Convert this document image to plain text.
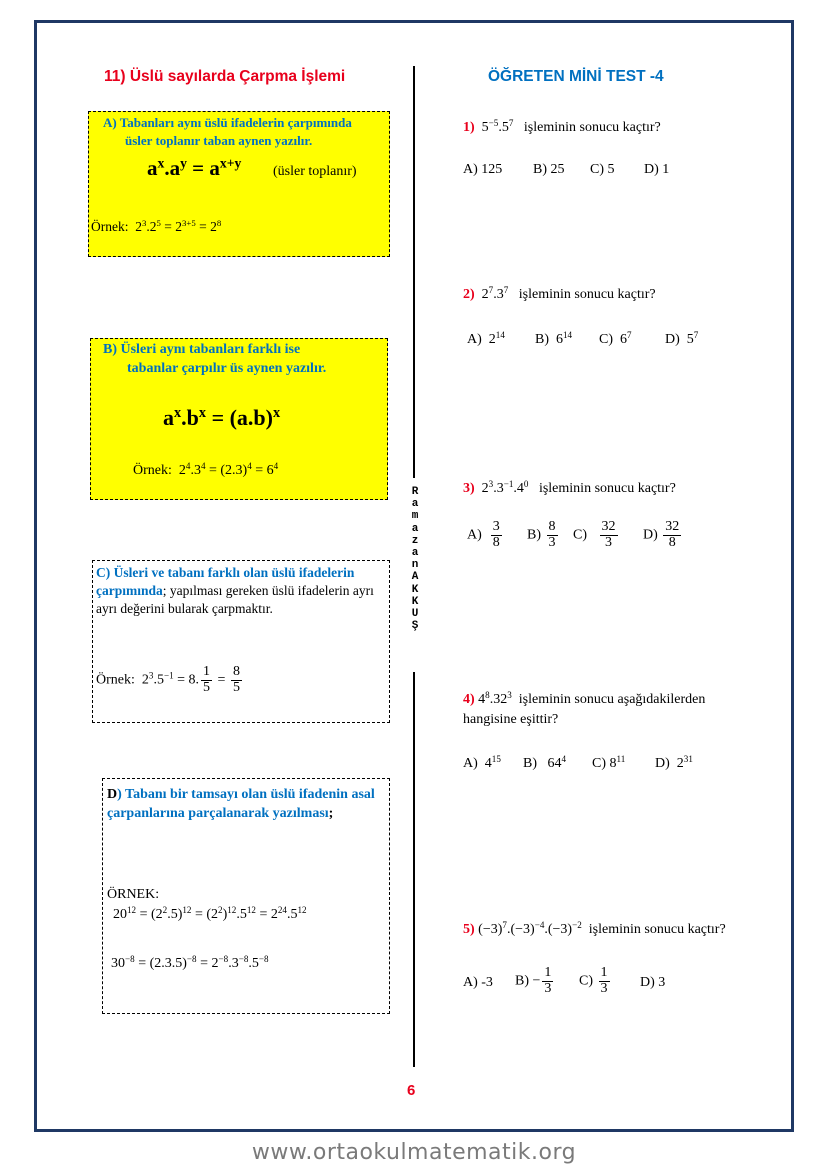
11) Üslü sayılarda Çarpma İşlemi	ÖĞRETEN MİNİ TEST -4
R
a
m
a
z
a
n
A
K
K
U
Ş
A) Tabanları aynı üslü ifadelerin çarpımında
üsler toplanır taban aynen yazılır.
$a^x.a^y = a^{x+y}$
(üsler toplanır)
Örnek:  $2^3.2^5 = 2^{3+5} = 2^8$
B) Üsleri aynı tabanları farklı ise
tabanlar çarpılır üs aynen yazılır.
$a^x.b^x = (a.b)^x$
Örnek:  $2^4.3^4 = (2.3)^4 = 6^4$
C) Üsleri ve tabanı farklı olan üslü ifadelerin çarpımında; yapılması gereken üslü ifadelerin ayrı ayrı değerini bularak çarpmaktır.
Örnek:  $2^3.5^{-1} = 8$. $\frac{1}{5} = \frac{8}{5}$
D) Tabanı bir tamsayı olan üslü ifadenin asal çarpanlarına parçalanarak yazılması;
ÖRNEK:
$20^{12} = (2^2.5)^{12} = (2^2)^{12}.5^{12} = 2^{24}.5^{12}$
$30^{-8} = (2.3.5)^{-8} = 2^{-8}.3^{-8}.5^{-8}$
1)  $5^{-5}.5^7$ işleminin sonucu kaçtır?
A) 125 B) 25 C) 5 D) 1
2)  $2^7.3^7$ işleminin sonucu kaçtır?
A)  $2^{14}$ B)  $6^{14}$ C)  $6^7$ D)  $5^7$
3)  $2^3.3^{-1}.4^0$ işleminin sonucu kaçtır?
$A) \frac{3}{8} B) \frac{8}{3} C) \frac{32}{3} D) \frac{32}{8}$
4) $4^8.32^3$ işleminin sonucu aşağıdakilerden
hangisine eşittir?
A)  $4^{15}$ B)   $64^4$ C) $8^{11}$ D)  $2^{31}$
5) $(-3)^7.(-3)^{-4}.(-3)^{-2}$ işleminin sonucu kaçtır?
A) -3 $B) - \frac{1}{3} C) \frac{1}{3} D$) 3
6
www.ortaokulmatematik.org
